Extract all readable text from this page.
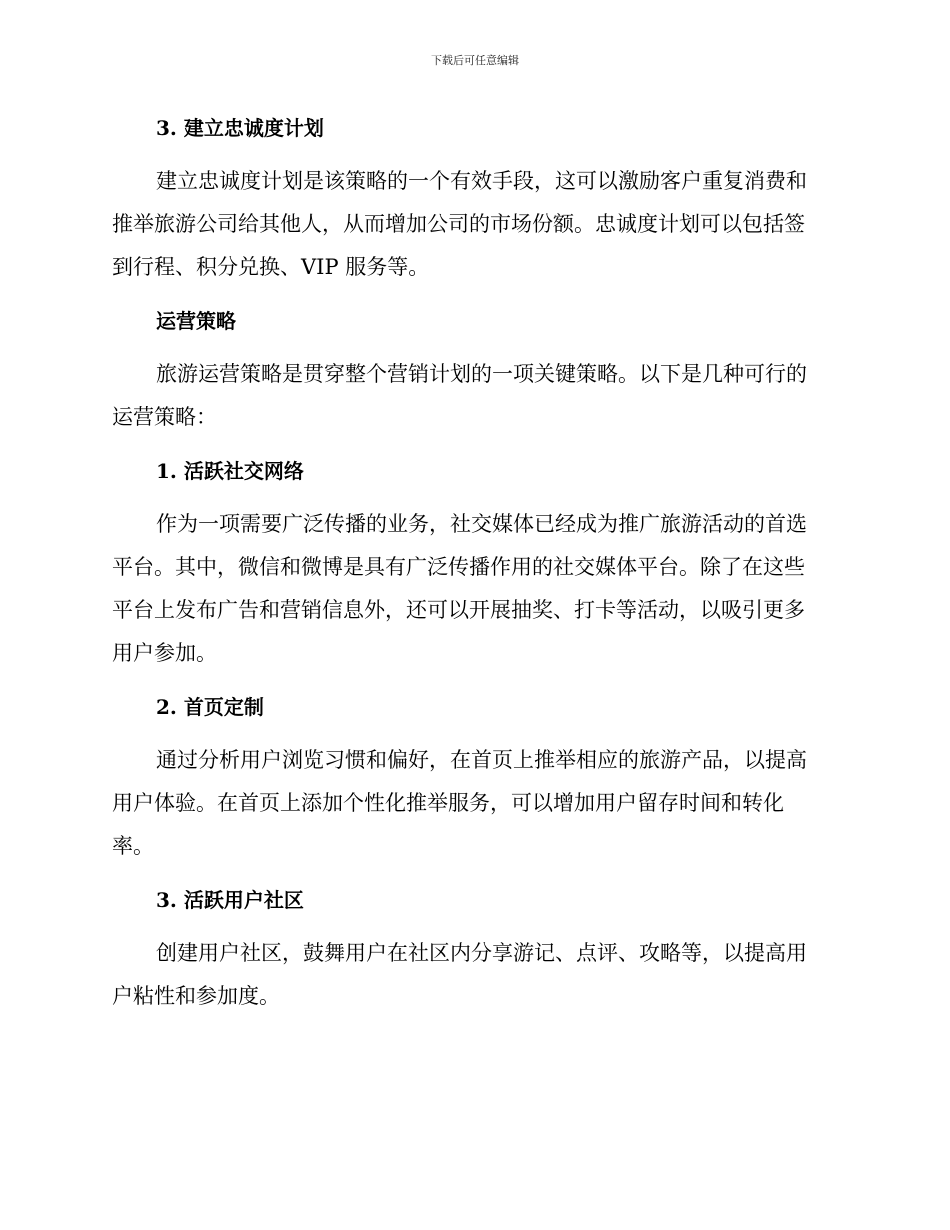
下载后可任意编辑
3. 建立忠诚度计划
建立忠诚度计划是该策略的一个有效手段，这可以激励客户重复消费和
推举旅游公司给其他人，从而增加公司的市场份额。忠诚度计划可以包括签
到行程、积分兑换、VIP 服务等。
运营策略
旅游运营策略是贯穿整个营销计划的一项关键策略。以下是几种可行的
运营策略：
1. 活跃社交网络
作为一项需要广泛传播的业务，社交媒体已经成为推广旅游活动的首选
平台。其中，微信和微博是具有广泛传播作用的社交媒体平台。除了在这些
平台上发布广告和营销信息外，还可以开展抽奖、打卡等活动，以吸引更多
用户参加。
2. 首页定制
通过分析用户浏览习惯和偏好，在首页上推举相应的旅游产品，以提高
用户体验。在首页上添加个性化推举服务，可以增加用户留存时间和转化
率。
3. 活跃用户社区
创建用户社区，鼓舞用户在社区内分享游记、点评、攻略等，以提高用
户粘性和参加度。
